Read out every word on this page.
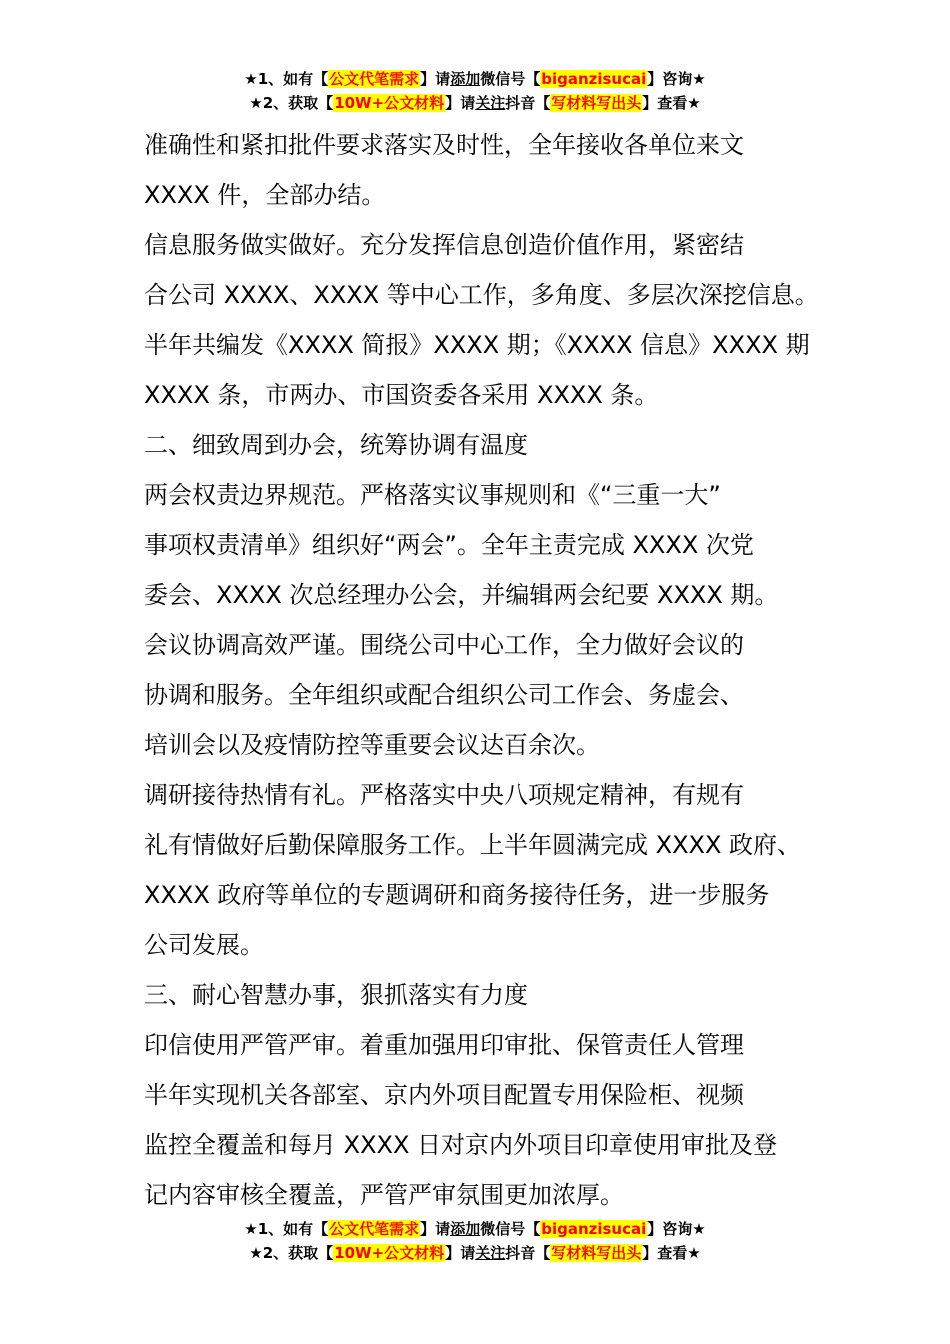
★1、如有【公文代笔需求】请添加微信号【biganzisucai】咨询★
★2、获取【10W+公文材料】请关注抖音【写材料写出头】查看★

准确性和紧扣批件要求落实及时性，全年接收各单位来文

XXXX 件，全部办结。

信息服务做实做好。充分发挥信息创造价值作用，紧密结

合公司 XXXX、XXXX 等中心工作，多角度、多层次深挖信息。

半年共编发《XXXX 简报》XXXX 期；《XXXX 信息》XXXX 期

XXXX 条，市两办、市国资委各采用 XXXX 条。

二、细致周到办会，统筹协调有温度

两会权责边界规范。严格落实议事规则和《“三重一大”

事项权责清单》组织好“两会”。全年主责完成 XXXX 次党

委会、XXXX 次总经理办公会，并编辑两会纪要 XXXX 期。

会议协调高效严谨。围绕公司中心工作，全力做好会议的

协调和服务。全年组织或配合组织公司工作会、务虚会、

培训会以及疫情防控等重要会议达百余次。

调研接待热情有礼。严格落实中央八项规定精神，有规有

礼有情做好后勤保障服务工作。上半年圆满完成 XXXX 政府、

XXXX 政府等单位的专题调研和商务接待任务，进一步服务

公司发展。

三、耐心智慧办事，狠抓落实有力度

印信使用严管严审。着重加强用印审批、保管责任人管理

半年实现机关各部室、京内外项目配置专用保险柜、视频

监控全覆盖和每月 XXXX 日对京内外项目印章使用审批及登

记内容审核全覆盖，严管严审氛围更加浓厚。

★1、如有【公文代笔需求】请添加微信号【biganzisucai】咨询★
★2、获取【10W+公文材料】请关注抖音【写材料写出头】查看★
